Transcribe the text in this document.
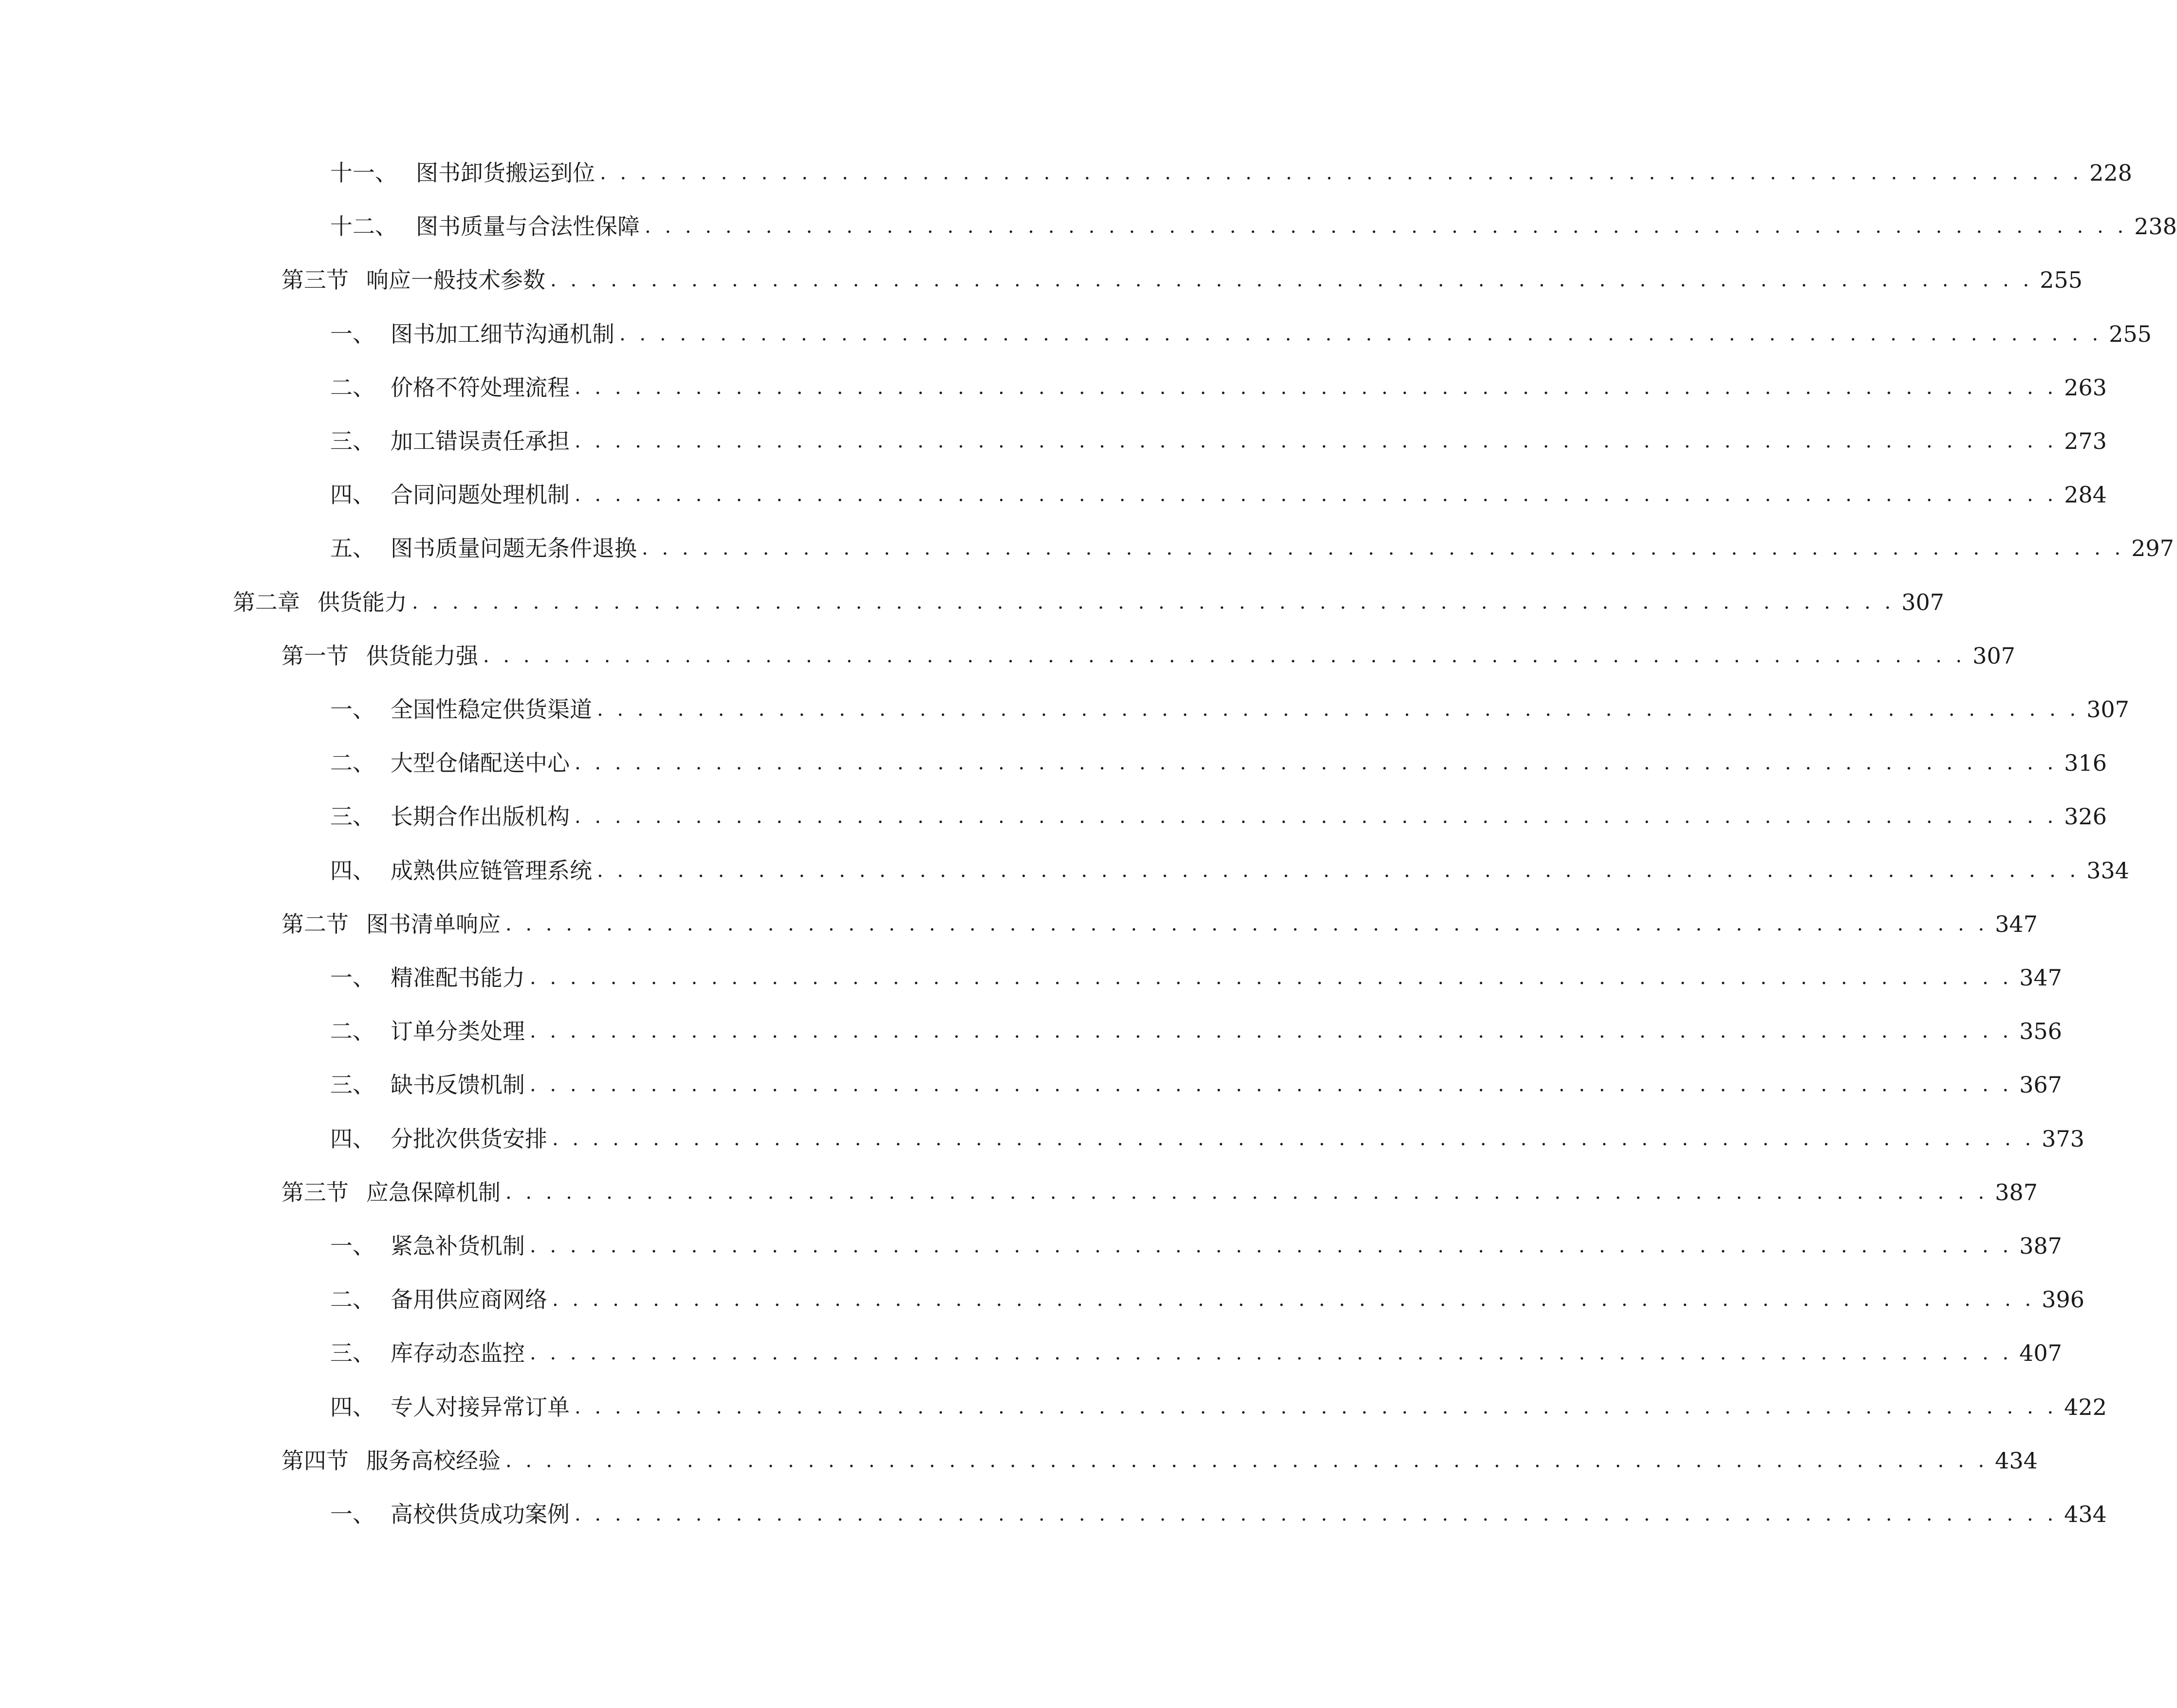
十一、 图书卸货搬运到位 . . . . . . . . . . . . . . . . . . . . . . . . . . . . . . . . . . . . . . . . . . . . . . . . . . . . . . . . . . . . . . . . . . . . . . . . . . 228
十二、 图书质量与合法性保障 . . . . . . . . . . . . . . . . . . . . . . . . . . . . . . . . . . . . . . . . . . . . . . . . . . . . . . . . . . . . . . . . . . . . . . . . . . 238
第三节 响应一般技术参数 . . . . . . . . . . . . . . . . . . . . . . . . . . . . . . . . . . . . . . . . . . . . . . . . . . . . . . . . . . . . . . . . . . . . . . . . . . 255
一、 图书加工细节沟通机制 . . . . . . . . . . . . . . . . . . . . . . . . . . . . . . . . . . . . . . . . . . . . . . . . . . . . . . . . . . . . . . . . . . . . . . . . . . 255
二、 价格不符处理流程 . . . . . . . . . . . . . . . . . . . . . . . . . . . . . . . . . . . . . . . . . . . . . . . . . . . . . . . . . . . . . . . . . . . . . . . . . . 263
三、 加工错误责任承担 . . . . . . . . . . . . . . . . . . . . . . . . . . . . . . . . . . . . . . . . . . . . . . . . . . . . . . . . . . . . . . . . . . . . . . . . . . 273
四、 合同问题处理机制 . . . . . . . . . . . . . . . . . . . . . . . . . . . . . . . . . . . . . . . . . . . . . . . . . . . . . . . . . . . . . . . . . . . . . . . . . . 284
五、 图书质量问题无条件退换 . . . . . . . . . . . . . . . . . . . . . . . . . . . . . . . . . . . . . . . . . . . . . . . . . . . . . . . . . . . . . . . . . . . . . . . . . . 297
第二章 供货能力 . . . . . . . . . . . . . . . . . . . . . . . . . . . . . . . . . . . . . . . . . . . . . . . . . . . . . . . . . . . . . . . . . . . . . . . . . . 307
第一节 供货能力强 . . . . . . . . . . . . . . . . . . . . . . . . . . . . . . . . . . . . . . . . . . . . . . . . . . . . . . . . . . . . . . . . . . . . . . . . . . 307
一、 全国性稳定供货渠道 . . . . . . . . . . . . . . . . . . . . . . . . . . . . . . . . . . . . . . . . . . . . . . . . . . . . . . . . . . . . . . . . . . . . . . . . . . 307
二、 大型仓储配送中心 . . . . . . . . . . . . . . . . . . . . . . . . . . . . . . . . . . . . . . . . . . . . . . . . . . . . . . . . . . . . . . . . . . . . . . . . . . 316
三、 长期合作出版机构 . . . . . . . . . . . . . . . . . . . . . . . . . . . . . . . . . . . . . . . . . . . . . . . . . . . . . . . . . . . . . . . . . . . . . . . . . . 326
四、 成熟供应链管理系统 . . . . . . . . . . . . . . . . . . . . . . . . . . . . . . . . . . . . . . . . . . . . . . . . . . . . . . . . . . . . . . . . . . . . . . . . . . 334
第二节 图书清单响应 . . . . . . . . . . . . . . . . . . . . . . . . . . . . . . . . . . . . . . . . . . . . . . . . . . . . . . . . . . . . . . . . . . . . . . . . . . 347
一、 精准配书能力 . . . . . . . . . . . . . . . . . . . . . . . . . . . . . . . . . . . . . . . . . . . . . . . . . . . . . . . . . . . . . . . . . . . . . . . . . . 347
二、 订单分类处理 . . . . . . . . . . . . . . . . . . . . . . . . . . . . . . . . . . . . . . . . . . . . . . . . . . . . . . . . . . . . . . . . . . . . . . . . . . 356
三、 缺书反馈机制 . . . . . . . . . . . . . . . . . . . . . . . . . . . . . . . . . . . . . . . . . . . . . . . . . . . . . . . . . . . . . . . . . . . . . . . . . . 367
四、 分批次供货安排 . . . . . . . . . . . . . . . . . . . . . . . . . . . . . . . . . . . . . . . . . . . . . . . . . . . . . . . . . . . . . . . . . . . . . . . . . . 373
第三节 应急保障机制 . . . . . . . . . . . . . . . . . . . . . . . . . . . . . . . . . . . . . . . . . . . . . . . . . . . . . . . . . . . . . . . . . . . . . . . . . . 387
一、 紧急补货机制 . . . . . . . . . . . . . . . . . . . . . . . . . . . . . . . . . . . . . . . . . . . . . . . . . . . . . . . . . . . . . . . . . . . . . . . . . . 387
二、 备用供应商网络 . . . . . . . . . . . . . . . . . . . . . . . . . . . . . . . . . . . . . . . . . . . . . . . . . . . . . . . . . . . . . . . . . . . . . . . . . . 396
三、 库存动态监控 . . . . . . . . . . . . . . . . . . . . . . . . . . . . . . . . . . . . . . . . . . . . . . . . . . . . . . . . . . . . . . . . . . . . . . . . . . 407
四、 专人对接异常订单 . . . . . . . . . . . . . . . . . . . . . . . . . . . . . . . . . . . . . . . . . . . . . . . . . . . . . . . . . . . . . . . . . . . . . . . . . . 422
第四节 服务高校经验 . . . . . . . . . . . . . . . . . . . . . . . . . . . . . . . . . . . . . . . . . . . . . . . . . . . . . . . . . . . . . . . . . . . . . . . . . . 434
一、 高校供货成功案例 . . . . . . . . . . . . . . . . . . . . . . . . . . . . . . . . . . . . . . . . . . . . . . . . . . . . . . . . . . . . . . . . . . . . . . . . . . 434
